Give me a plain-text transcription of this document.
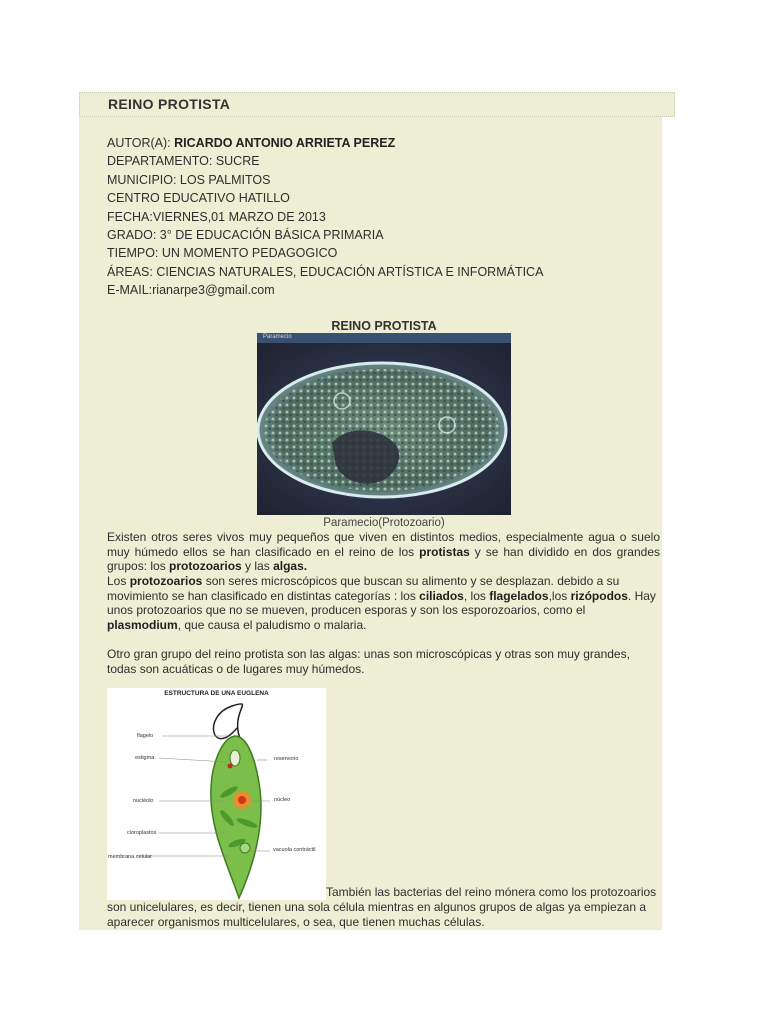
REINO PROTISTA
AUTOR(A): RICARDO ANTONIO ARRIETA PEREZ
DEPARTAMENTO: SUCRE
MUNICIPIO: LOS PALMITOS
CENTRO EDUCATIVO HATILLO
FECHA:VIERNES,01 MARZO DE 2013
GRADO: 3° DE EDUCACIÓN BÁSICA PRIMARIA
TIEMPO: UN MOMENTO PEDAGOGICO
ÁREAS: CIENCIAS NATURALES, EDUCACIÓN ARTÍSTICA E INFORMÁTICA
E-MAIL:rianarpe3@gmail.com
REINO PROTISTA
Paramecio
Paramecio(Protozoario)
Existen otros seres vivos muy pequeños que viven en distintos medios, especialmente agua o suelo muy húmedo ellos se han clasificado en el reino de los protistas y se han dividido en dos grandes grupos: los protozoarios y las algas.
Los protozoarios son seres microscópicos que buscan su alimento y se desplazan. debido a su movimiento se han clasificado en distintas categorías : los ciliados, los flagelados,los rizópodos. Hay unos protozoarios que no se mueven, producen esporas y son los esporozoarios, como el plasmodium, que causa el paludismo o malaria.
Otro gran grupo del reino protista son las algas: unas son microscópicas y otras son muy grandes, todas son acuáticas o de lugares muy húmedos.
ESTRUCTURA DE UNA EUGLENA
flagelo
estigma	reservorio
nucléolo	núcleo
cloroplastos
vacuola contráctil
membrana celular
También las bacterias del reino mónera como los protozoarios son unicelulares, es decir, tienen una sola célula mientras en algunos grupos de algas ya empiezan a aparecer organismos multicelulares, o sea, que tienen muchas células.
